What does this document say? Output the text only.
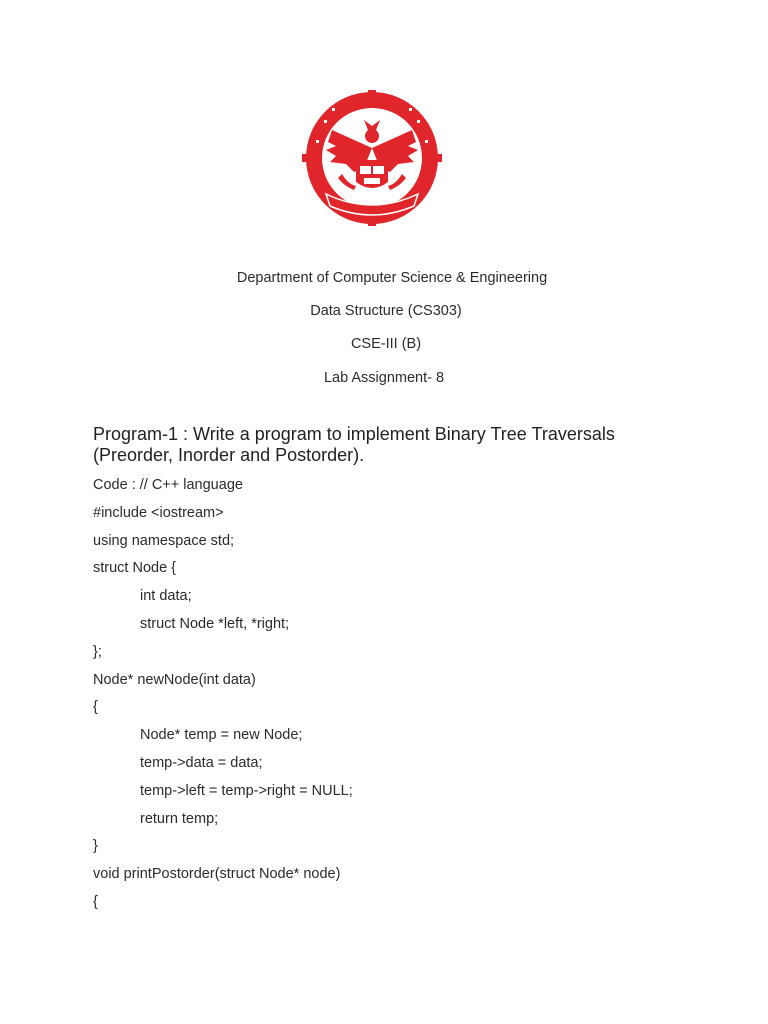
Department of Computer Science & Engineering
Data Structure (CS303)
CSE-III (B)
Lab Assignment- 8
Program-1 : Write a program to implement Binary Tree Traversals (Preorder, Inorder and Postorder).
Code : // C++ language
#include <iostream>
using namespace std;
struct Node {
int data;
struct Node *left, *right;
};
Node* newNode(int data)
{
Node* temp = new Node;
temp->data = data;
temp->left = temp->right = NULL;
return temp;
}
void printPostorder(struct Node* node)
{
